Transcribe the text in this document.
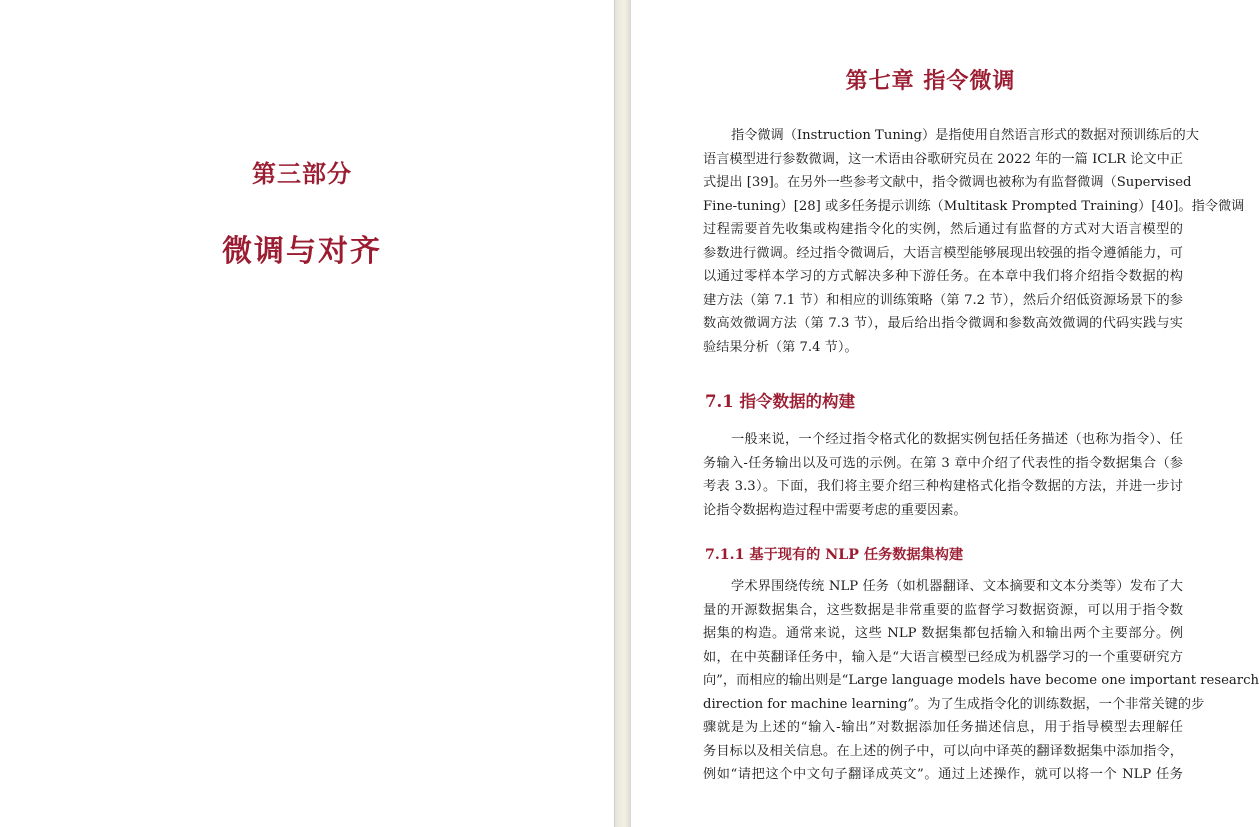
第三部分
微调与对齐
第七章 指令微调
指令微调（Instruction Tuning）是指使用自然语言形式的数据对预训练后的大
语言模型进行参数微调，这一术语由谷歌研究员在 2022 年的一篇 ICLR 论文中正
式提出 [39]。在另外一些参考文献中，指令微调也被称为有监督微调（Supervised
Fine-tuning）[28] 或多任务提示训练（Multitask Prompted Training）[40]。指令微调
过程需要首先收集或构建指令化的实例，然后通过有监督的方式对大语言模型的
参数进行微调。经过指令微调后，大语言模型能够展现出较强的指令遵循能力，可
以通过零样本学习的方式解决多种下游任务。在本章中我们将介绍指令数据的构
建方法（第 7.1 节）和相应的训练策略（第 7.2 节），然后介绍低资源场景下的参
数高效微调方法（第 7.3 节），最后给出指令微调和参数高效微调的代码实践与实
验结果分析（第 7.4 节）。
7.1 指令数据的构建
一般来说，一个经过指令格式化的数据实例包括任务描述（也称为指令）、任
务输入-任务输出以及可选的示例。在第 3 章中介绍了代表性的指令数据集合（参
考表 3.3）。下面，我们将主要介绍三种构建格式化指令数据的方法，并进一步讨
论指令数据构造过程中需要考虑的重要因素。
7.1.1 基于现有的 NLP 任务数据集构建
学术界围绕传统 NLP 任务（如机器翻译、文本摘要和文本分类等）发布了大
量的开源数据集合，这些数据是非常重要的监督学习数据资源，可以用于指令数
据集的构造。通常来说，这些 NLP 数据集都包括输入和输出两个主要部分。例
如，在中英翻译任务中，输入是“大语言模型已经成为机器学习的一个重要研究方
向”，而相应的输出则是“Large language models have become one important research
direction for machine learning”。为了生成指令化的训练数据，一个非常关键的步
骤就是为上述的“输入-输出”对数据添加任务描述信息，用于指导模型去理解任
务目标以及相关信息。在上述的例子中，可以向中译英的翻译数据集中添加指令，
例如“请把这个中文句子翻译成英文”。通过上述操作，就可以将一个 NLP 任务
